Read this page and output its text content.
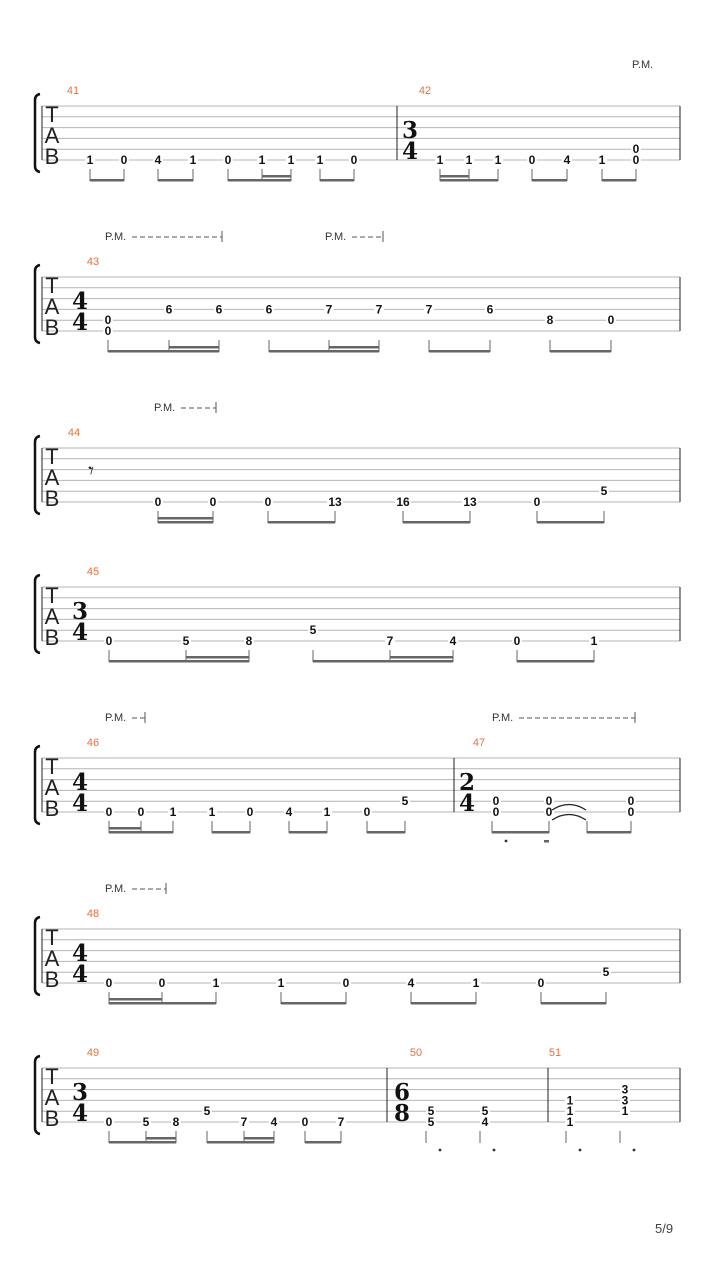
T
A
B
41
1 0 4 1 0 1 1 1 0
42
3
4 1 1 1 0 4 1
0
0
T
A
B
43
4
4 0
0
6	6	6	7	7	7	6
8	0
T
A
B
44
𝄾
0	0	0	13	16	13	0
5
T
A
B
45
3
4 0	5	8
5
7	4	0	1
T
A
B
46
4
4 0 0 1	1	0	4	1	0
5
47
2
4 0
0
0
0
0
0
T
A
B
48
4
4 0	0	1	1	0	4	1	0
5
T
A
B
49
3
4 0	5 8
5
7 4 0 7
50
6
8 5
5
5
4
51
1
1
1
3
3
1
P.M.
P.M.	P.M.
P.M.
P.M.	P.M.
P.M.
5/9
